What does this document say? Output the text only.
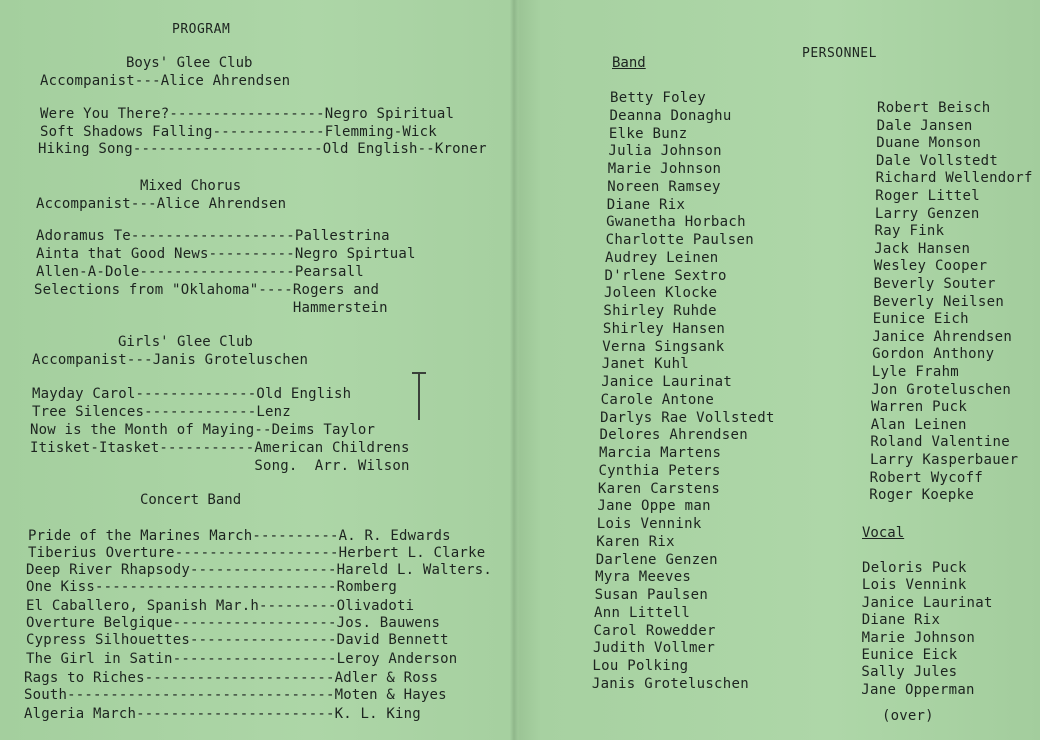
PROGRAM
Boys' Glee Club
Accompanist---Alice Ahrendsen
Were You There?------------------Negro Spiritual
Soft Shadows Falling-------------Flemming-Wick
Hiking Song----------------------Old English--Kroner
Mixed Chorus
Accompanist---Alice Ahrendsen
Adoramus Te-------------------Pallestrina
Ainta that Good News----------Negro Spirtual
Allen-A-Dole------------------Pearsall
Selections from "Oklahoma"----Rogers and
Hammerstein
Girls' Glee Club
Accompanist---Janis Groteluschen
Mayday Carol--------------Old English
Tree Silences-------------Lenz
Now is the Month of Maying--Deims Taylor
Itisket-Itasket-----------American Childrens
Song.  Arr. Wilson
Concert Band
Pride of the Marines March----------A. R. Edwards
Tiberius Overture-------------------Herbert L. Clarke
Deep River Rhapsody-----------------Hareld L. Walters.
One Kiss----------------------------Romberg
El Caballero, Spanish Mar.h---------Olivadoti
Overture Belgique-------------------Jos. Bauwens
Cypress Silhouettes-----------------David Bennett
The Girl in Satin-------------------Leroy Anderson
Rags to Riches----------------------Adler & Ross
South-------------------------------Moten & Hayes
Algeria March-----------------------K. L. King
PERSONNEL
Band
Betty Foley
Deanna Donaghu
Elke Bunz
Julia Johnson
Marie Johnson
Noreen Ramsey
Diane Rix
Gwanetha Horbach
Charlotte Paulsen
Audrey Leinen
D'rlene Sextro
Joleen Klocke
Shirley Ruhde
Shirley Hansen
Verna Singsank
Janet Kuhl
Janice Laurinat
Carole Antone
Darlys Rae Vollstedt
Delores Ahrendsen
Marcia Martens
Cynthia Peters
Karen Carstens
Jane Oppe man
Lois Vennink
Karen Rix
Darlene Genzen
Myra Meeves
Susan Paulsen
Ann Littell
Carol Rowedder
Judith Vollmer
Lou Polking
Janis Groteluschen
Robert Beisch
Dale Jansen
Duane Monson
Dale Vollstedt
Richard Wellendorf
Roger Littel
Larry Genzen
Ray Fink
Jack Hansen
Wesley Cooper
Beverly Souter
Beverly Neilsen
Eunice Eich
Janice Ahrendsen
Gordon Anthony
Lyle Frahm
Jon Groteluschen
Warren Puck
Alan Leinen
Roland Valentine
Larry Kasperbauer
Robert Wycoff
Roger Koepke
Vocal
Deloris Puck
Lois Vennink
Janice Laurinat
Diane Rix
Marie Johnson
Eunice Eick
Sally Jules
Jane Opperman
(over)
